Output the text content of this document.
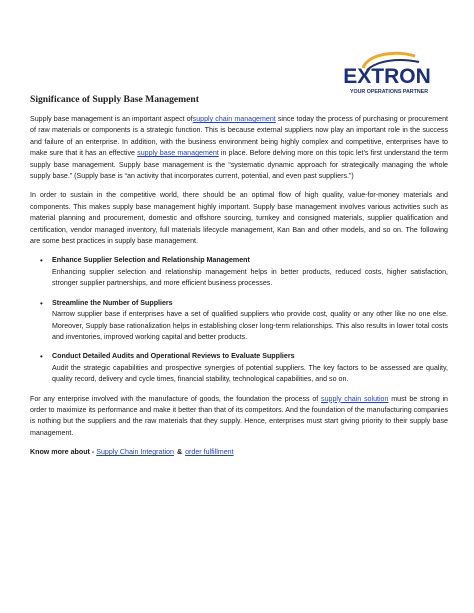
EXTRON
YOUR OPERATIONS PARTNER
Significance of Supply Base Management

Supply base management is an important aspect ofsupply chain management since today the process of purchasing or procurement of raw materials or components is a strategic function. This is because external suppliers now play an important role in the success and failure of an enterprise. In addition, with the business environment being highly complex and competitive, enterprises have to make sure that it has an effective supply base management in place. Before delving more on this topic let’s first understand the term supply base management. Supply base management is the “systematic dynamic approach for strategically managing the whole supply base.” (Supply base is “an activity that incorporates current, potential, and even past suppliers.”)

In order to sustain in the competitive world, there should be an optimal flow of high quality, value-for-money materials and components. This makes supply base management highly important. Supply base management involves various activities such as material planning and procurement, domestic and offshore sourcing, turnkey and consigned materials, supplier qualification and certification, vendor managed inventory, full materials lifecycle management, Kan Ban and other models, and so on. The following are some best practices in supply base management.

• Enhance Supplier Selection and Relationship Management
Enhancing supplier selection and relationship management helps in better products, reduced costs, higher satisfaction, stronger supplier partnerships, and more efficient business processes.
• Streamline the Number of Suppliers
Narrow supplier base if enterprises have a set of qualified suppliers who provide cost, quality or any other like no one else. Moreover, Supply base rationalization helps in establishing closer long-term relationships. This also results in lower total costs and inventories, improved working capital and better products.
• Conduct Detailed Audits and Operational Reviews to Evaluate Suppliers
Audit the strategic capabilities and prospective synergies of potential suppliers. The key factors to be assessed are quality, quality record, delivery and cycle times, financial stability, technological capabilities, and so on.

For any enterprise involved with the manufacture of goods, the foundation the process of supply chain solution must be strong in order to maximize its performance and make it better than that of its competitors. And the foundation of the manufacturing companies is nothing but the suppliers and the raw materials that they supply. Hence, enterprises must start giving priority to their supply base management.

Know more about - Supply Chain Integration & order fulfillment
